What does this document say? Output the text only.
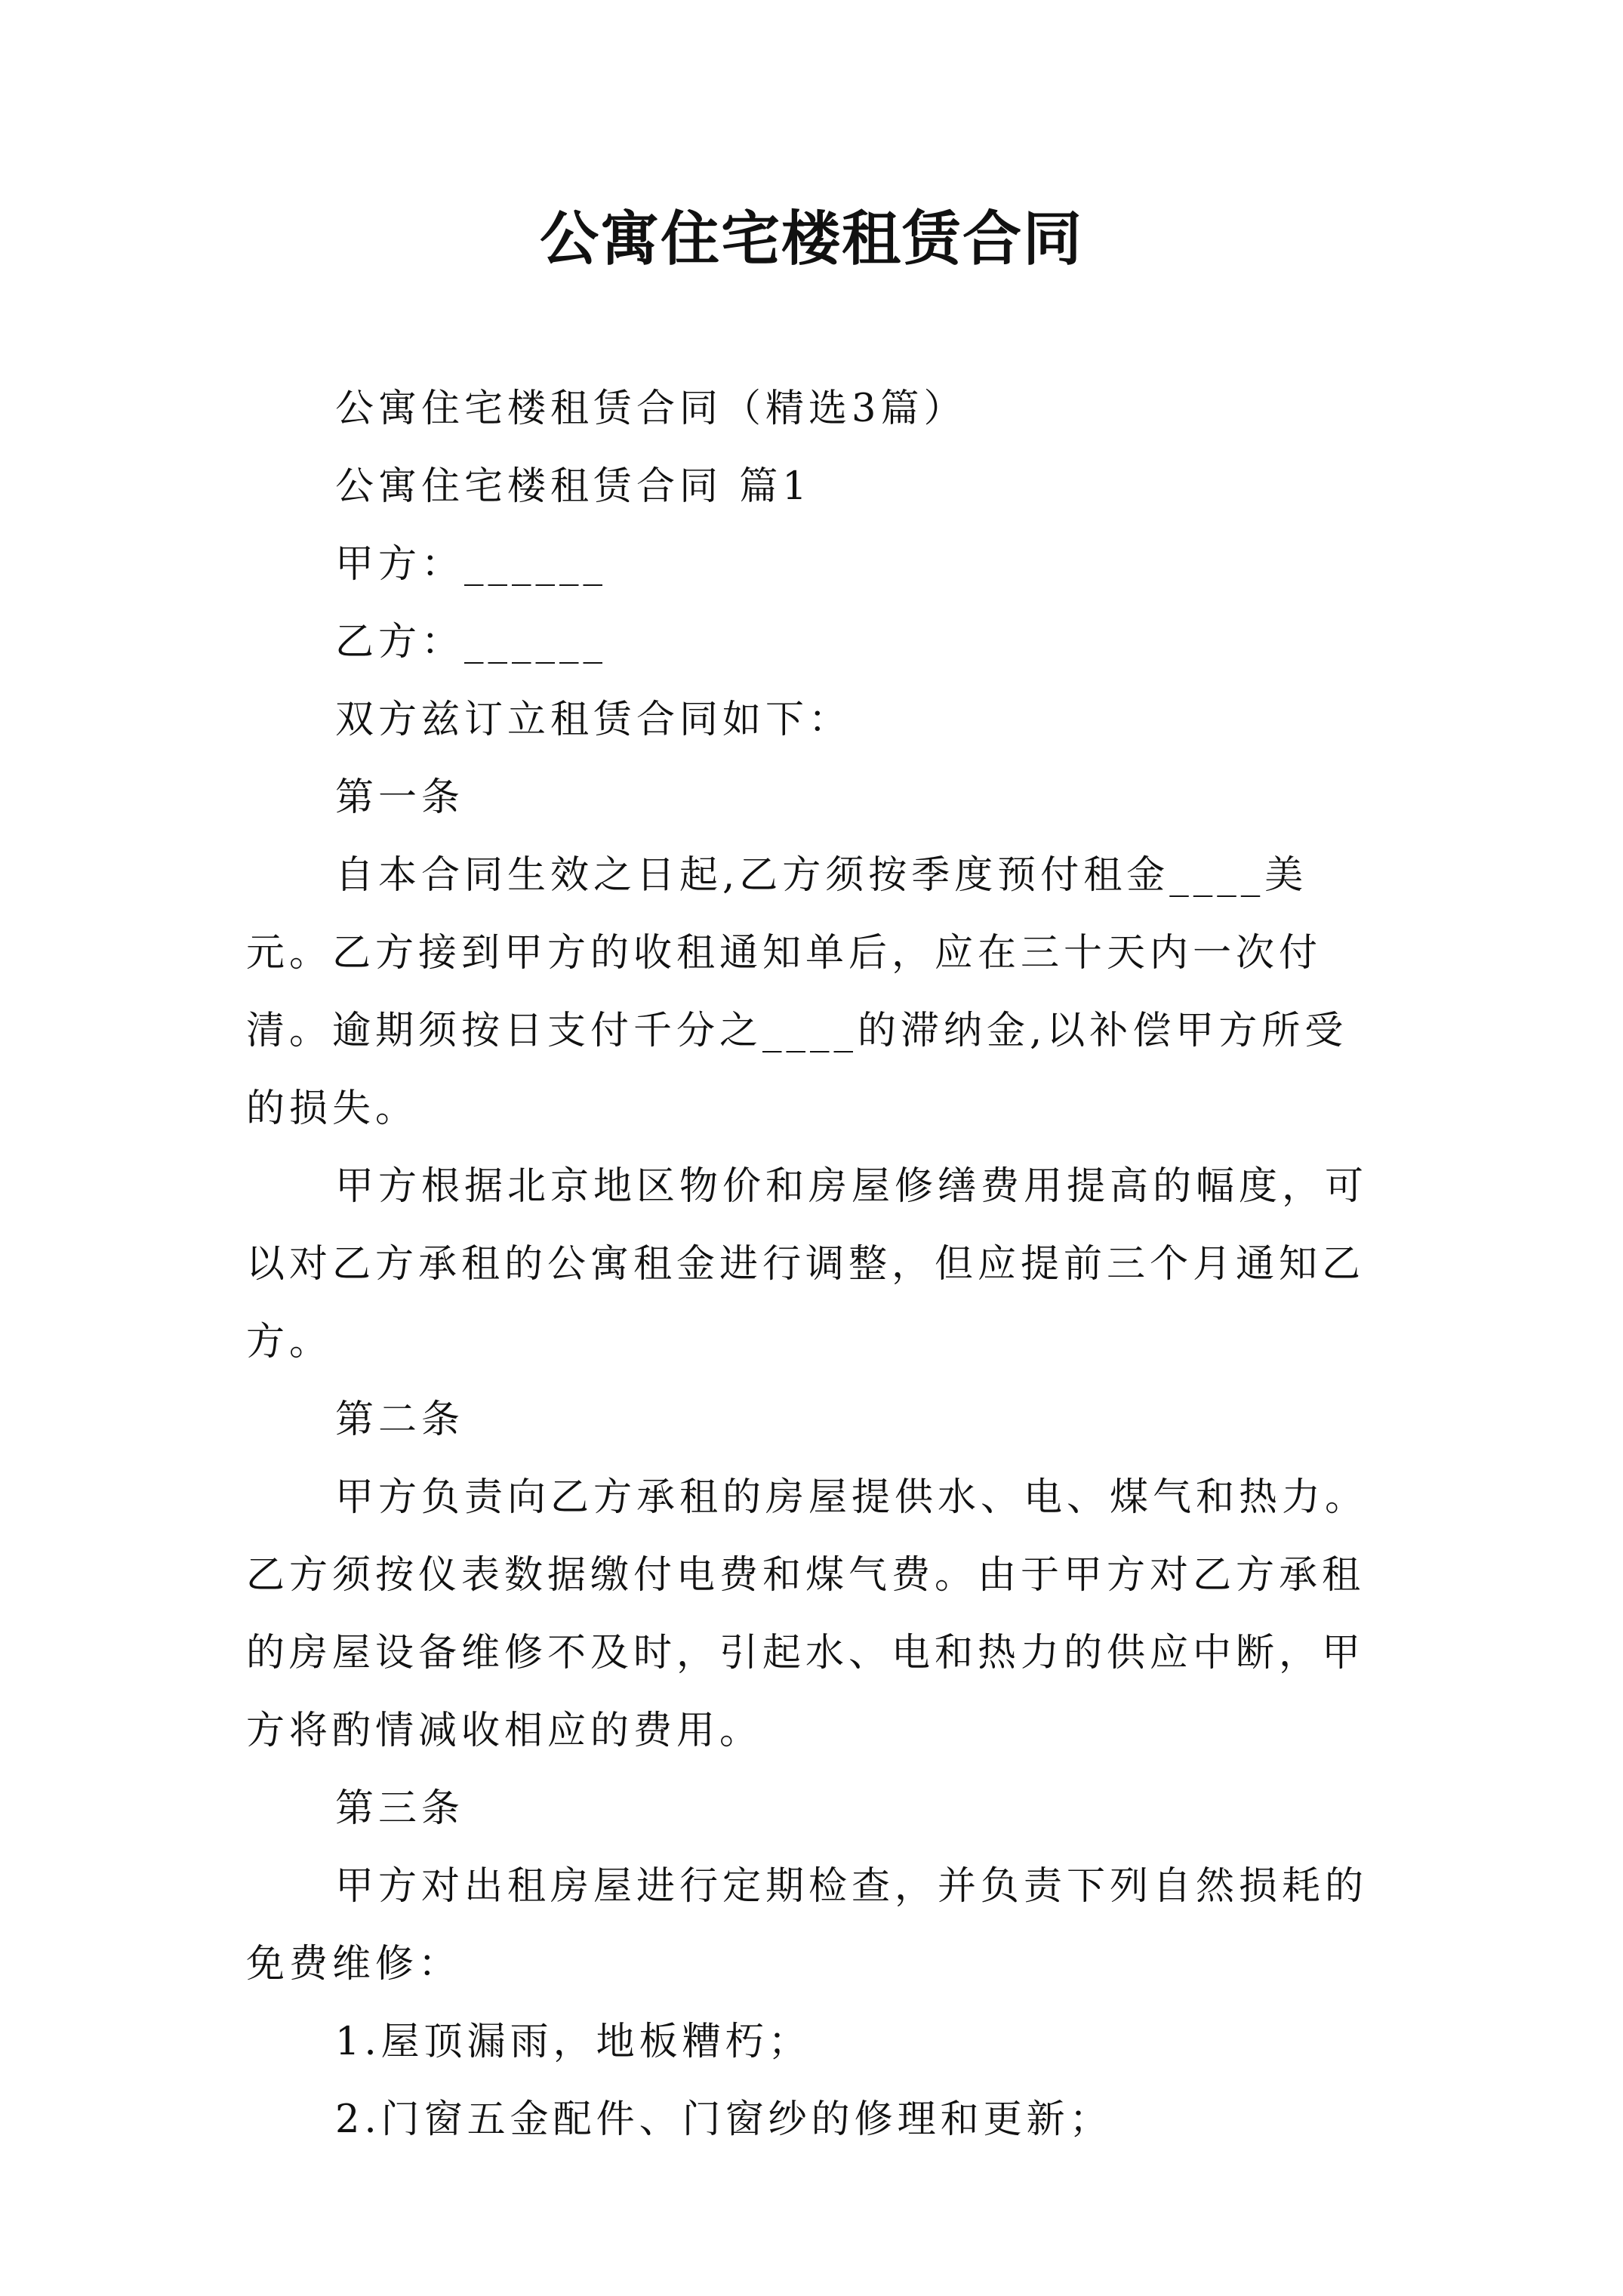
公寓住宅楼租赁合同

公寓住宅楼租赁合同（精选3篇）

公寓住宅楼租赁合同 篇1

甲方：______

乙方：______

双方兹订立租赁合同如下：

第一条

自本合同生效之日起,乙方须按季度预付租金____美元。乙方接到甲方的收租通知单后，应在三十天内一次付清。逾期须按日支付千分之____的滞纳金,以补偿甲方所受的损失。

甲方根据北京地区物价和房屋修缮费用提高的幅度，可以对乙方承租的公寓租金进行调整，但应提前三个月通知乙方。

第二条

甲方负责向乙方承租的房屋提供水、电、煤气和热力。乙方须按仪表数据缴付电费和煤气费。由于甲方对乙方承租的房屋设备维修不及时，引起水、电和热力的供应中断，甲方将酌情减收相应的费用。

第三条

甲方对出租房屋进行定期检查，并负责下列自然损耗的免费维修：

1.屋顶漏雨，地板糟朽；

2.门窗五金配件、门窗纱的修理和更新；
